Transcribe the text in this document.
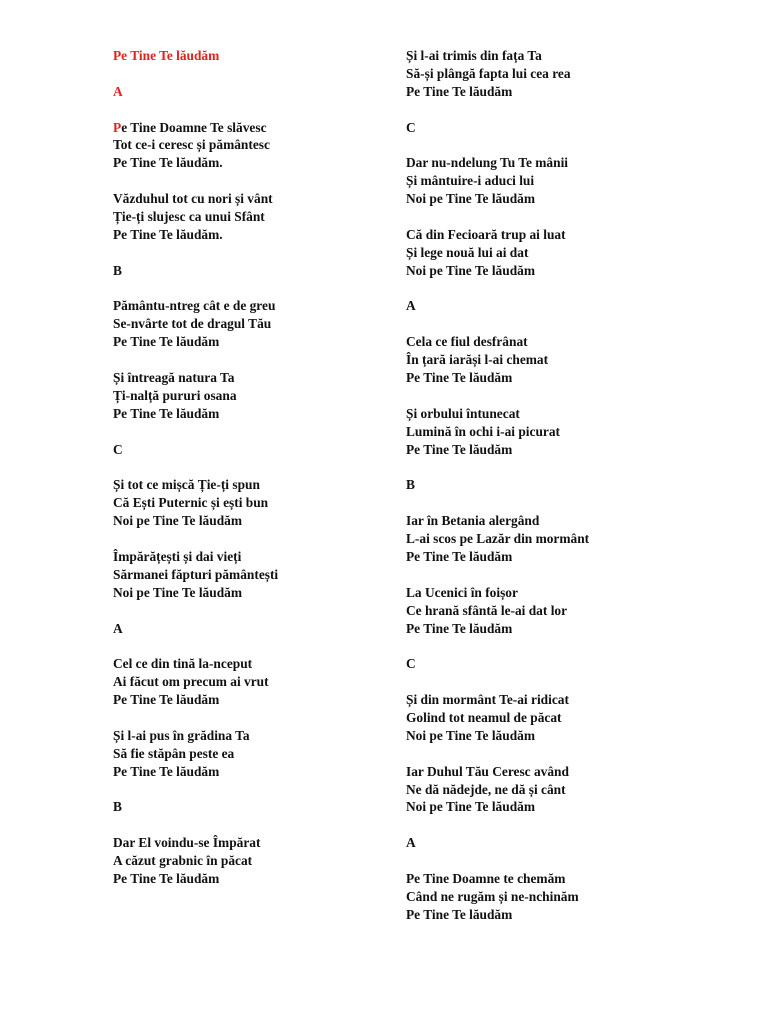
Pe Tine Te lăudăm
A
Pe Tine Doamne Te slăvesc
Tot ce-i ceresc și pământesc
Pe Tine Te lăudăm.
Văzduhul tot cu nori și vânt
Ție-ți slujesc ca unui Sfânt
Pe Tine Te lăudăm.
B
Pământu-ntreg cât e de greu
Se-nvârte tot de dragul Tău
Pe Tine Te lăudăm
Și întreagă natura Ta
Ți-nalță pururi osana
Pe Tine Te lăudăm
C
Și tot ce mișcă Ție-ți spun
Că Ești Puternic și ești bun
Noi pe Tine Te lăudăm
Împărățești și dai vieți
Sărmanei făpturi pământești
Noi pe Tine Te lăudăm
A
Cel ce din tină la-nceput
Ai făcut om precum ai vrut
Pe Tine Te lăudăm
Și l-ai pus în grădina Ta
Să fie stăpân peste ea
Pe Tine Te lăudăm
B
Dar El voindu-se Împărat
A căzut grabnic în păcat
Pe Tine Te lăudăm
Și l-ai trimis din fața Ta
Să-și plângă fapta lui cea rea
Pe Tine Te lăudăm
C
Dar nu-ndelung Tu Te mânii
Și mântuire-i aduci lui
Noi pe Tine Te lăudăm
Că din Fecioară trup ai luat
Și lege nouă lui ai dat
Noi pe Tine Te lăudăm
A
Cela ce fiul desfrânat
În țară iarăși l-ai chemat
Pe Tine Te lăudăm
Și orbului întunecat
Lumină în ochi i-ai picurat
Pe Tine Te lăudăm
B
Iar în Betania alergând
L-ai scos pe Lazăr din mormânt
Pe Tine Te lăudăm
La Ucenici în foișor
Ce hrană sfântă le-ai dat lor
Pe Tine Te lăudăm
C
Și din mormânt Te-ai ridicat
Golind tot neamul de păcat
Noi pe Tine Te lăudăm
Iar Duhul Tău Ceresc având
Ne dă nădejde, ne dă și cânt
Noi pe Tine Te lăudăm
A
Pe Tine Doamne te chemăm
Când ne rugăm și ne-nchinăm
Pe Tine Te lăudăm
